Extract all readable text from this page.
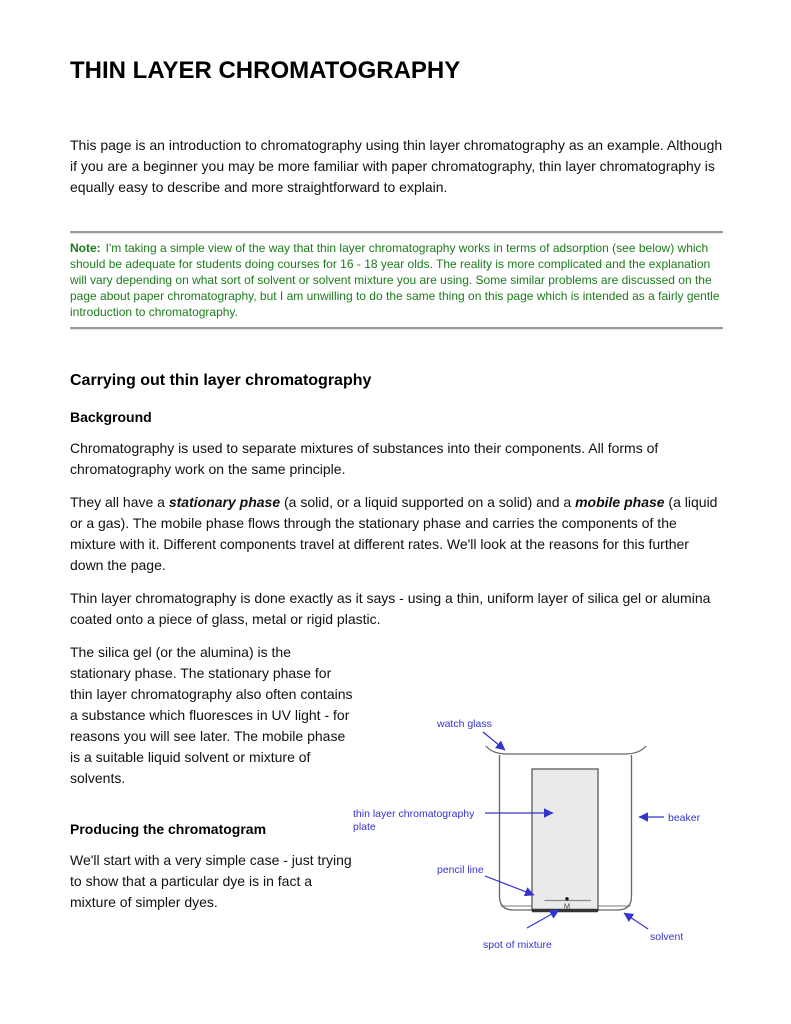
THIN LAYER CHROMATOGRAPHY

This page is an introduction to chromatography using thin layer chromatography as an example. Although if you are a beginner you may be more familiar with paper chromatography, thin layer chromatography is equally easy to describe and more straightforward to explain.

Note: I'm taking a simple view of the way that thin layer chromatography works in terms of adsorption (see below) which should be adequate for students doing courses for 16 - 18 year olds. The reality is more complicated and the explanation will vary depending on what sort of solvent or solvent mixture you are using. Some similar problems are discussed on the page about paper chromatography, but I am unwilling to do the same thing on this page which is intended as a fairly gentle introduction to chromatography.
Carrying out thin layer chromatography
Background

Chromatography is used to separate mixtures of substances into their components. All forms of chromatography work on the same principle.

They all have a stationary phase (a solid, or a liquid supported on a solid) and a mobile phase (a liquid or a gas). The mobile phase flows through the stationary phase and carries the components of the mixture with it. Different components travel at different rates. We'll look at the reasons for this further down the page.

Thin layer chromatography is done exactly as it says - using a thin, uniform layer of silica gel or alumina coated onto a piece of glass, metal or rigid plastic.

M
watch glass
thin layer chromatography
plate
pencil line
spot of mixture
beaker
solvent
The silica gel (or the alumina) is the stationary phase. The stationary phase for thin layer chromatography also often contains a substance which fluoresces in UV light - for reasons you will see later. The mobile phase is a suitable liquid solvent or mixture of solvents.

Producing the chromatogram

We'll start with a very simple case - just trying to show that a particular dye is in fact a mixture of simpler dyes.
